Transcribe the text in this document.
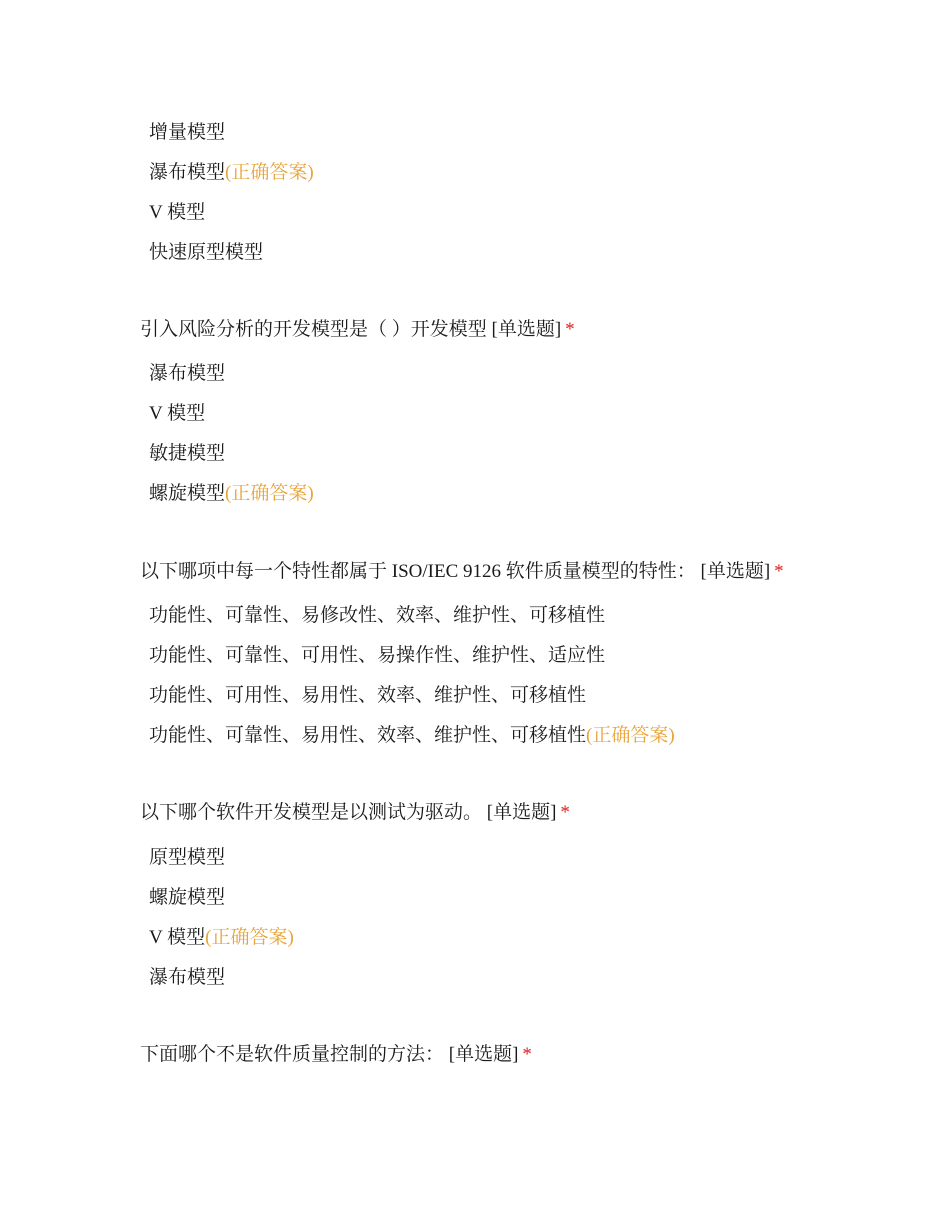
增量模型
瀑布模型(正确答案)
V 模型
快速原型模型
引入风险分析的开发模型是（ ）开发模型 [单选题] *
瀑布模型
V 模型
敏捷模型
螺旋模型(正确答案)
以下哪项中每一个特性都属于 ISO/IEC 9126 软件质量模型的特性： [单选题] *
功能性、可靠性、易修改性、效率、维护性、可移植性
功能性、可靠性、可用性、易操作性、维护性、适应性
功能性、可用性、易用性、效率、维护性、可移植性
功能性、可靠性、易用性、效率、维护性、可移植性(正确答案)
以下哪个软件开发模型是以测试为驱动。 [单选题] *
原型模型
螺旋模型
V 模型(正确答案)
瀑布模型
下面哪个不是软件质量控制的方法： [单选题] *
